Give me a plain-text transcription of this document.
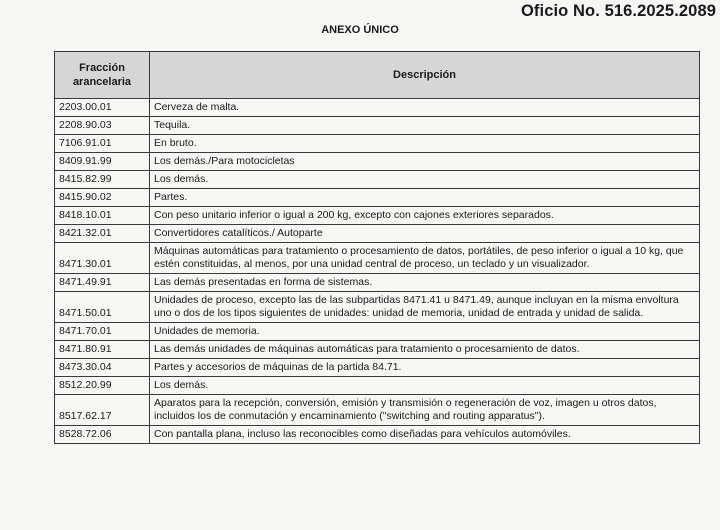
Oficio No. 516.2025.2089
ANEXO ÚNICO
Fracción arancelaria	Descripción
2203.00.01	Cerveza de malta.
2208.90.03	Tequila.
7106.91.01	En bruto.
8409.91.99	Los demás./Para motocicletas
8415.82.99	Los demás.
8415.90.02	Partes.
8418.10.01	Con peso unitario inferior o igual a 200 kg, excepto con cajones exteriores separados.
8421.32.01	Convertidores catalíticos./ Autoparte
8471.30.01	Máquinas automáticas para tratamiento o procesamiento de datos, portátiles, de peso inferior o igual a 10 kg, que estén constituidas, al menos, por una unidad central de proceso, un teclado y un visualizador.
8471.49.91	Las demás presentadas en forma de sistemas.
8471.50.01	Unidades de proceso, excepto las de las subpartidas 8471.41 u 8471.49, aunque incluyan en la misma envoltura uno o dos de los tipos siguientes de unidades: unidad de memoria, unidad de entrada y unidad de salida.
8471.70.01	Unidades de memoria.
8471.80.91	Las demás unidades de máquinas automáticas para tratamiento o procesamiento de datos.
8473.30.04	Partes y accesorios de máquinas de la partida 84.71.
8512.20.99	Los demás.
8517.62.17	Aparatos para la recepción, conversión, emisión y transmisión o regeneración de voz, imagen u otros datos, incluidos los de conmutación y encaminamiento ("switching and routing apparatus").
8528.72.06	Con pantalla plana, incluso las reconocibles como diseñadas para vehículos automóviles.
